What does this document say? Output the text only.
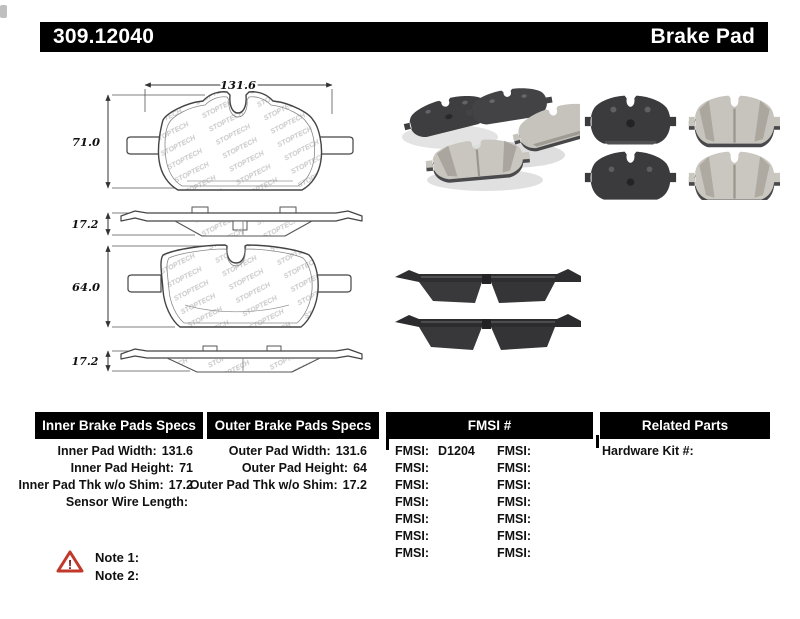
309.12040	Brake Pad
131.6
71.0
17.2
64.0
17.2
Inner Brake Pads Specs Outer Brake Pads Specs	FMSI #	Related Parts
Inner Pad Width: 131.6
Inner Pad Height: 71
Inner Pad Thk w/o Shim: 17.2
Sensor Wire Length:
Outer Pad Width: 131.6
Outer Pad Height: 64
Outer Pad Thk w/o Shim: 17.2
FMSI: D1204
FMSI:
FMSI:
FMSI:
FMSI:
FMSI:
FMSI:
FMSI:
FMSI:
FMSI:
FMSI:
FMSI:
FMSI:
FMSI:
Hardware Kit #:
! Note 1:
Note 2:
